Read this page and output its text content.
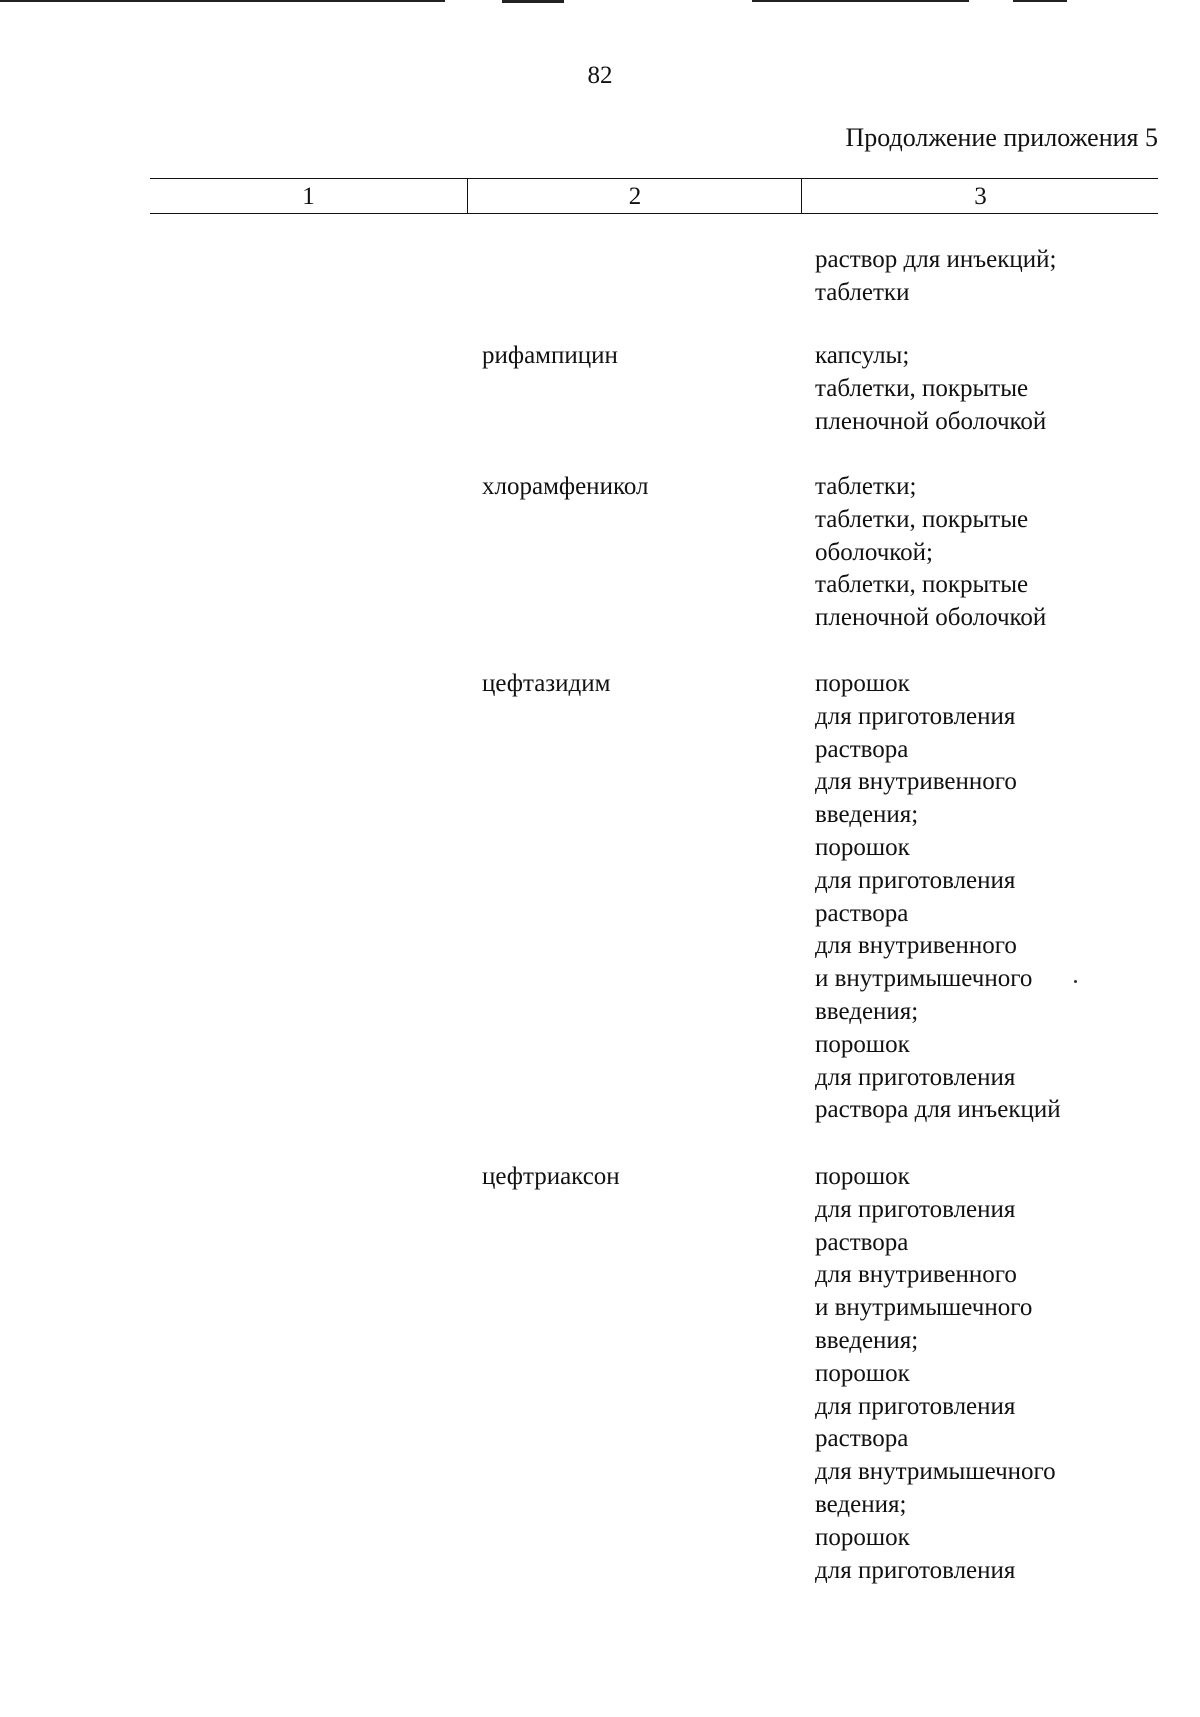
82
Продолжение приложения 5
1	2	3
раствор для инъекций;
таблетки
рифампицин	капсулы;
таблетки, покрытые
пленочной оболочкой
хлорамфеникол	таблетки;
таблетки, покрытые
оболочкой;
таблетки, покрытые
пленочной оболочкой
цефтазидим	порошок
для приготовления
раствора
для внутривенного
введения;
порошок
для приготовления
раствора
для внутривенного
и внутримышечного
введения;
порошок
для приготовления
раствора для инъекций
цефтриаксон	порошок
для приготовления
раствора
для внутривенного
и внутримышечного
введения;
порошок
для приготовления
раствора
для внутримышечного
ведения;
порошок
для приготовления
